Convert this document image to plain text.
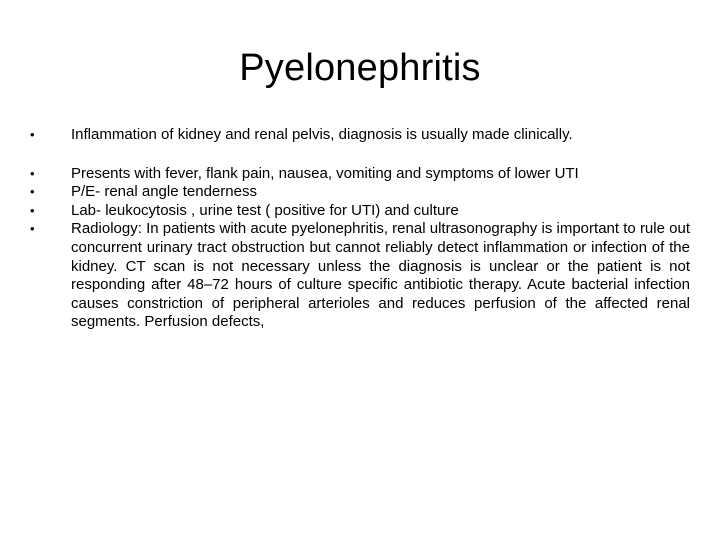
Pyelonephritis
•	Inflammation of kidney and renal pelvis, diagnosis is usually made clinically.
•	Presents with fever, flank pain, nausea, vomiting and symptoms of lower UTI
•	P/E- renal angle tenderness
•	Lab- leukocytosis , urine test ( positive for UTI) and culture
•	Radiology: In patients with acute pyelonephritis, renal ultrasonography is important to rule out concurrent urinary tract obstruction but cannot reliably detect inflammation or infection of the kidney. CT scan is not necessary unless the diagnosis is unclear or the patient is not responding after 48–72 hours of culture specific antibiotic therapy. Acute bacterial infection causes constriction of peripheral arterioles and reduces perfusion of the affected renal segments. Perfusion defects,
